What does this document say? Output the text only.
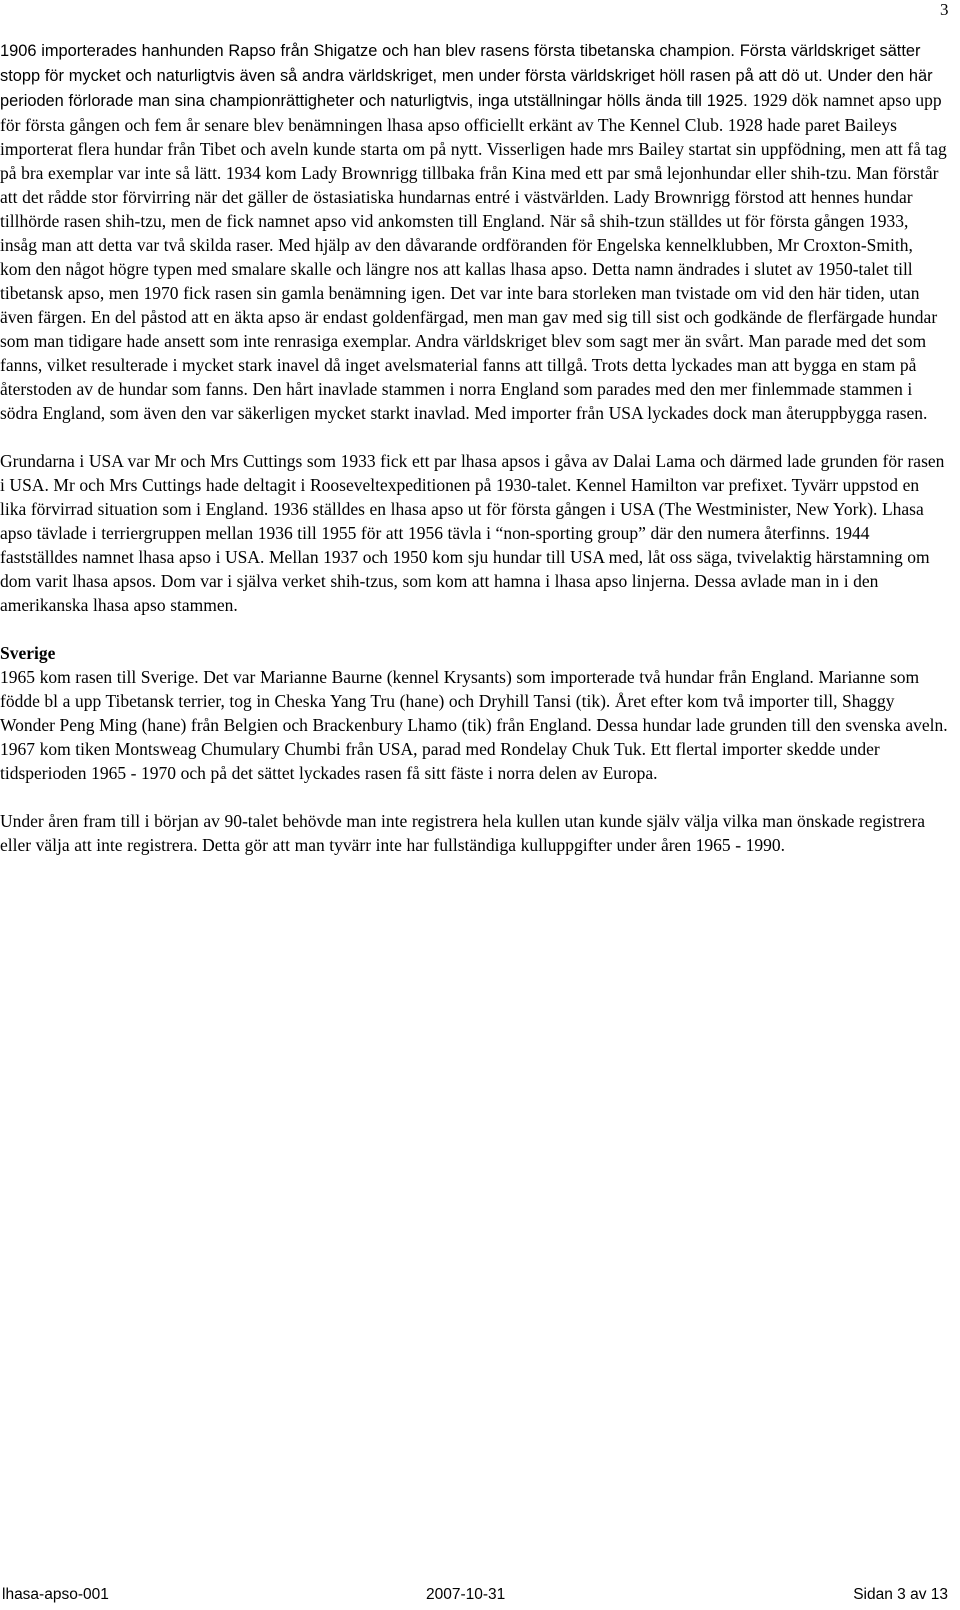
3

1906 importerades hanhunden Rapso från Shigatze och han blev rasens första tibetanska champion. Första världskriget sätter stopp för mycket och naturligtvis även så andra världskriget, men under första världskriget höll rasen på att dö ut. Under den här perioden förlorade man sina championrättigheter och naturligtvis, inga utställningar hölls ända till 1925. 1929 dök namnet apso upp för första gången och fem år senare blev benämningen lhasa apso officiellt erkänt av The Kennel Club. 1928 hade paret Baileys importerat flera hundar från Tibet och aveln kunde starta om på nytt. Visserligen hade mrs Bailey startat sin uppfödning, men att få tag på bra exemplar var inte så lätt. 1934 kom Lady Brownrigg tillbaka från Kina med ett par små lejonhundar eller shih-tzu. Man förstår att det rådde stor förvirring när det gäller de östasiatiska hundarnas entré i västvärlden. Lady Brownrigg förstod att hennes hundar tillhörde rasen shih-tzu, men de fick namnet apso vid ankomsten till England. När så shih-tzun ställdes ut för första gången 1933, insåg man att detta var två skilda raser. Med hjälp av den dåvarande ordföranden för Engelska kennelklubben, Mr Croxton-Smith, kom den något högre typen med smalare skalle och längre nos att kallas lhasa apso. Detta namn ändrades i slutet av 1950-talet till tibetansk apso, men 1970 fick rasen sin gamla benämning igen. Det var inte bara storleken man tvistade om vid den här tiden, utan även färgen. En del påstod att en äkta apso är endast goldenfärgad, men man gav med sig till sist och godkände de flerfärgade hundar som man tidigare hade ansett som inte renrasiga exemplar. Andra världskriget blev som sagt mer än svårt. Man parade med det som fanns, vilket resulterade i mycket stark inavel då inget avelsmaterial fanns att tillgå. Trots detta lyckades man att bygga en stam på återstoden av de hundar som fanns. Den hårt inavlade stammen i norra England som parades med den mer finlemmade stammen i södra England, som även den var säkerligen mycket starkt inavlad. Med importer från USA lyckades dock man återuppbygga rasen.

Grundarna i USA var Mr och Mrs Cuttings som 1933 fick ett par lhasa apsos i gåva av Dalai Lama och därmed lade grunden för rasen i USA. Mr och Mrs Cuttings hade deltagit i Rooseveltexpeditionen på 1930-talet. Kennel Hamilton var prefixet. Tyvärr uppstod en lika förvirrad situation som i England. 1936 ställdes en lhasa apso ut för första gången i USA (The Westminister, New York). Lhasa apso tävlade i terriergruppen mellan 1936 till 1955 för att 1956 tävla i “non-sporting group” där den numera återfinns. 1944 fastställdes namnet lhasa apso i USA. Mellan 1937 och 1950 kom sju hundar till USA med, låt oss säga, tvivelaktig härstamning om dom varit lhasa apsos. Dom var i själva verket shih-tzus, som kom att hamna i lhasa apso linjerna. Dessa avlade man in i den amerikanska lhasa apso stammen.

Sverige

1965 kom rasen till Sverige. Det var Marianne Baurne (kennel Krysants) som importerade två hundar från England. Marianne som födde bl a upp Tibetansk terrier, tog in Cheska Yang Tru (hane) och Dryhill Tansi (tik). Året efter kom två importer till, Shaggy Wonder Peng Ming (hane) från Belgien och Brackenbury Lhamo (tik) från England. Dessa hundar lade grunden till den svenska aveln. 1967 kom tiken Montsweag Chumulary Chumbi från USA, parad med Rondelay Chuk Tuk. Ett flertal importer skedde under tidsperioden 1965 - 1970 och på det sättet lyckades rasen få sitt fäste i norra delen av Europa.

Under åren fram till i början av 90-talet behövde man inte registrera hela kullen utan kunde själv välja vilka man önskade registrera eller välja att inte registrera. Detta gör att man tyvärr inte har fullständiga kulluppgifter under åren 1965 - 1990.

lhasa-apso-001	2007-10-31	Sidan 3 av 13
